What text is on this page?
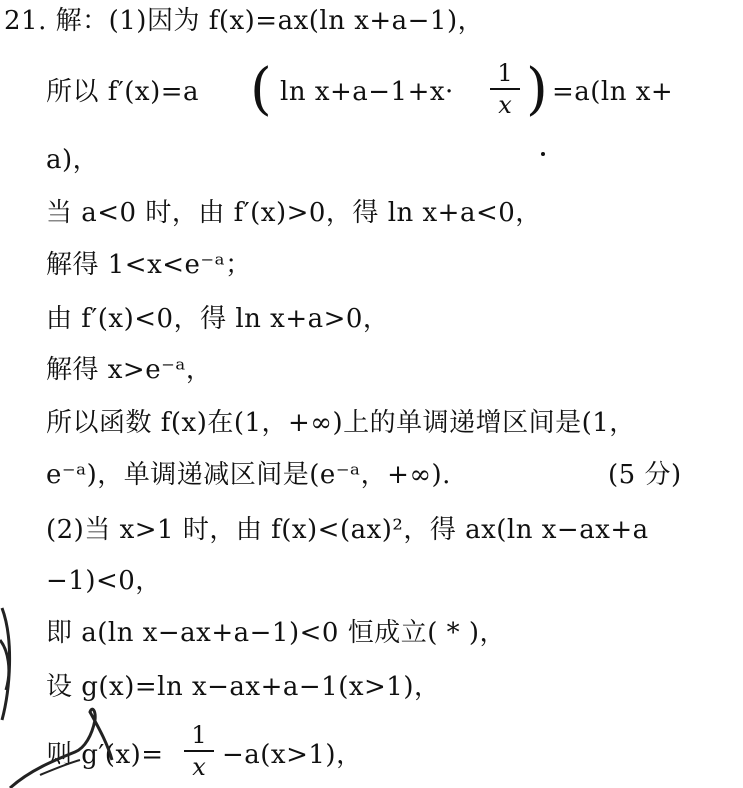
21. 解：(1)因为 f(x)=ax(ln x+a−1)，
所以 f′(x)=a ( ln x+a−1+x·
1
x ) =a(ln x+
a)，
当 a<0 时，由 f′(x)>0，得 ln x+a<0，
解得 1<x<e⁻ᵃ；
由 f′(x)<0，得 ln x+a>0，
解得 x>e⁻ᵃ，
所以函数 f(x)在(1，+∞)上的单调递增区间是(1，
e⁻ᵃ)，单调递减区间是(e⁻ᵃ，+∞).	(5 分)
(2)当 x>1 时，由 f(x)<(ax)²，得 ax(ln x−ax+a
−1)<0，
即 a(ln x−ax+a−1)<0 恒成立( * )，
设 g(x)=ln x−ax+a−1(x>1)，
则 g′(x)=
1
x −a(x>1)，
